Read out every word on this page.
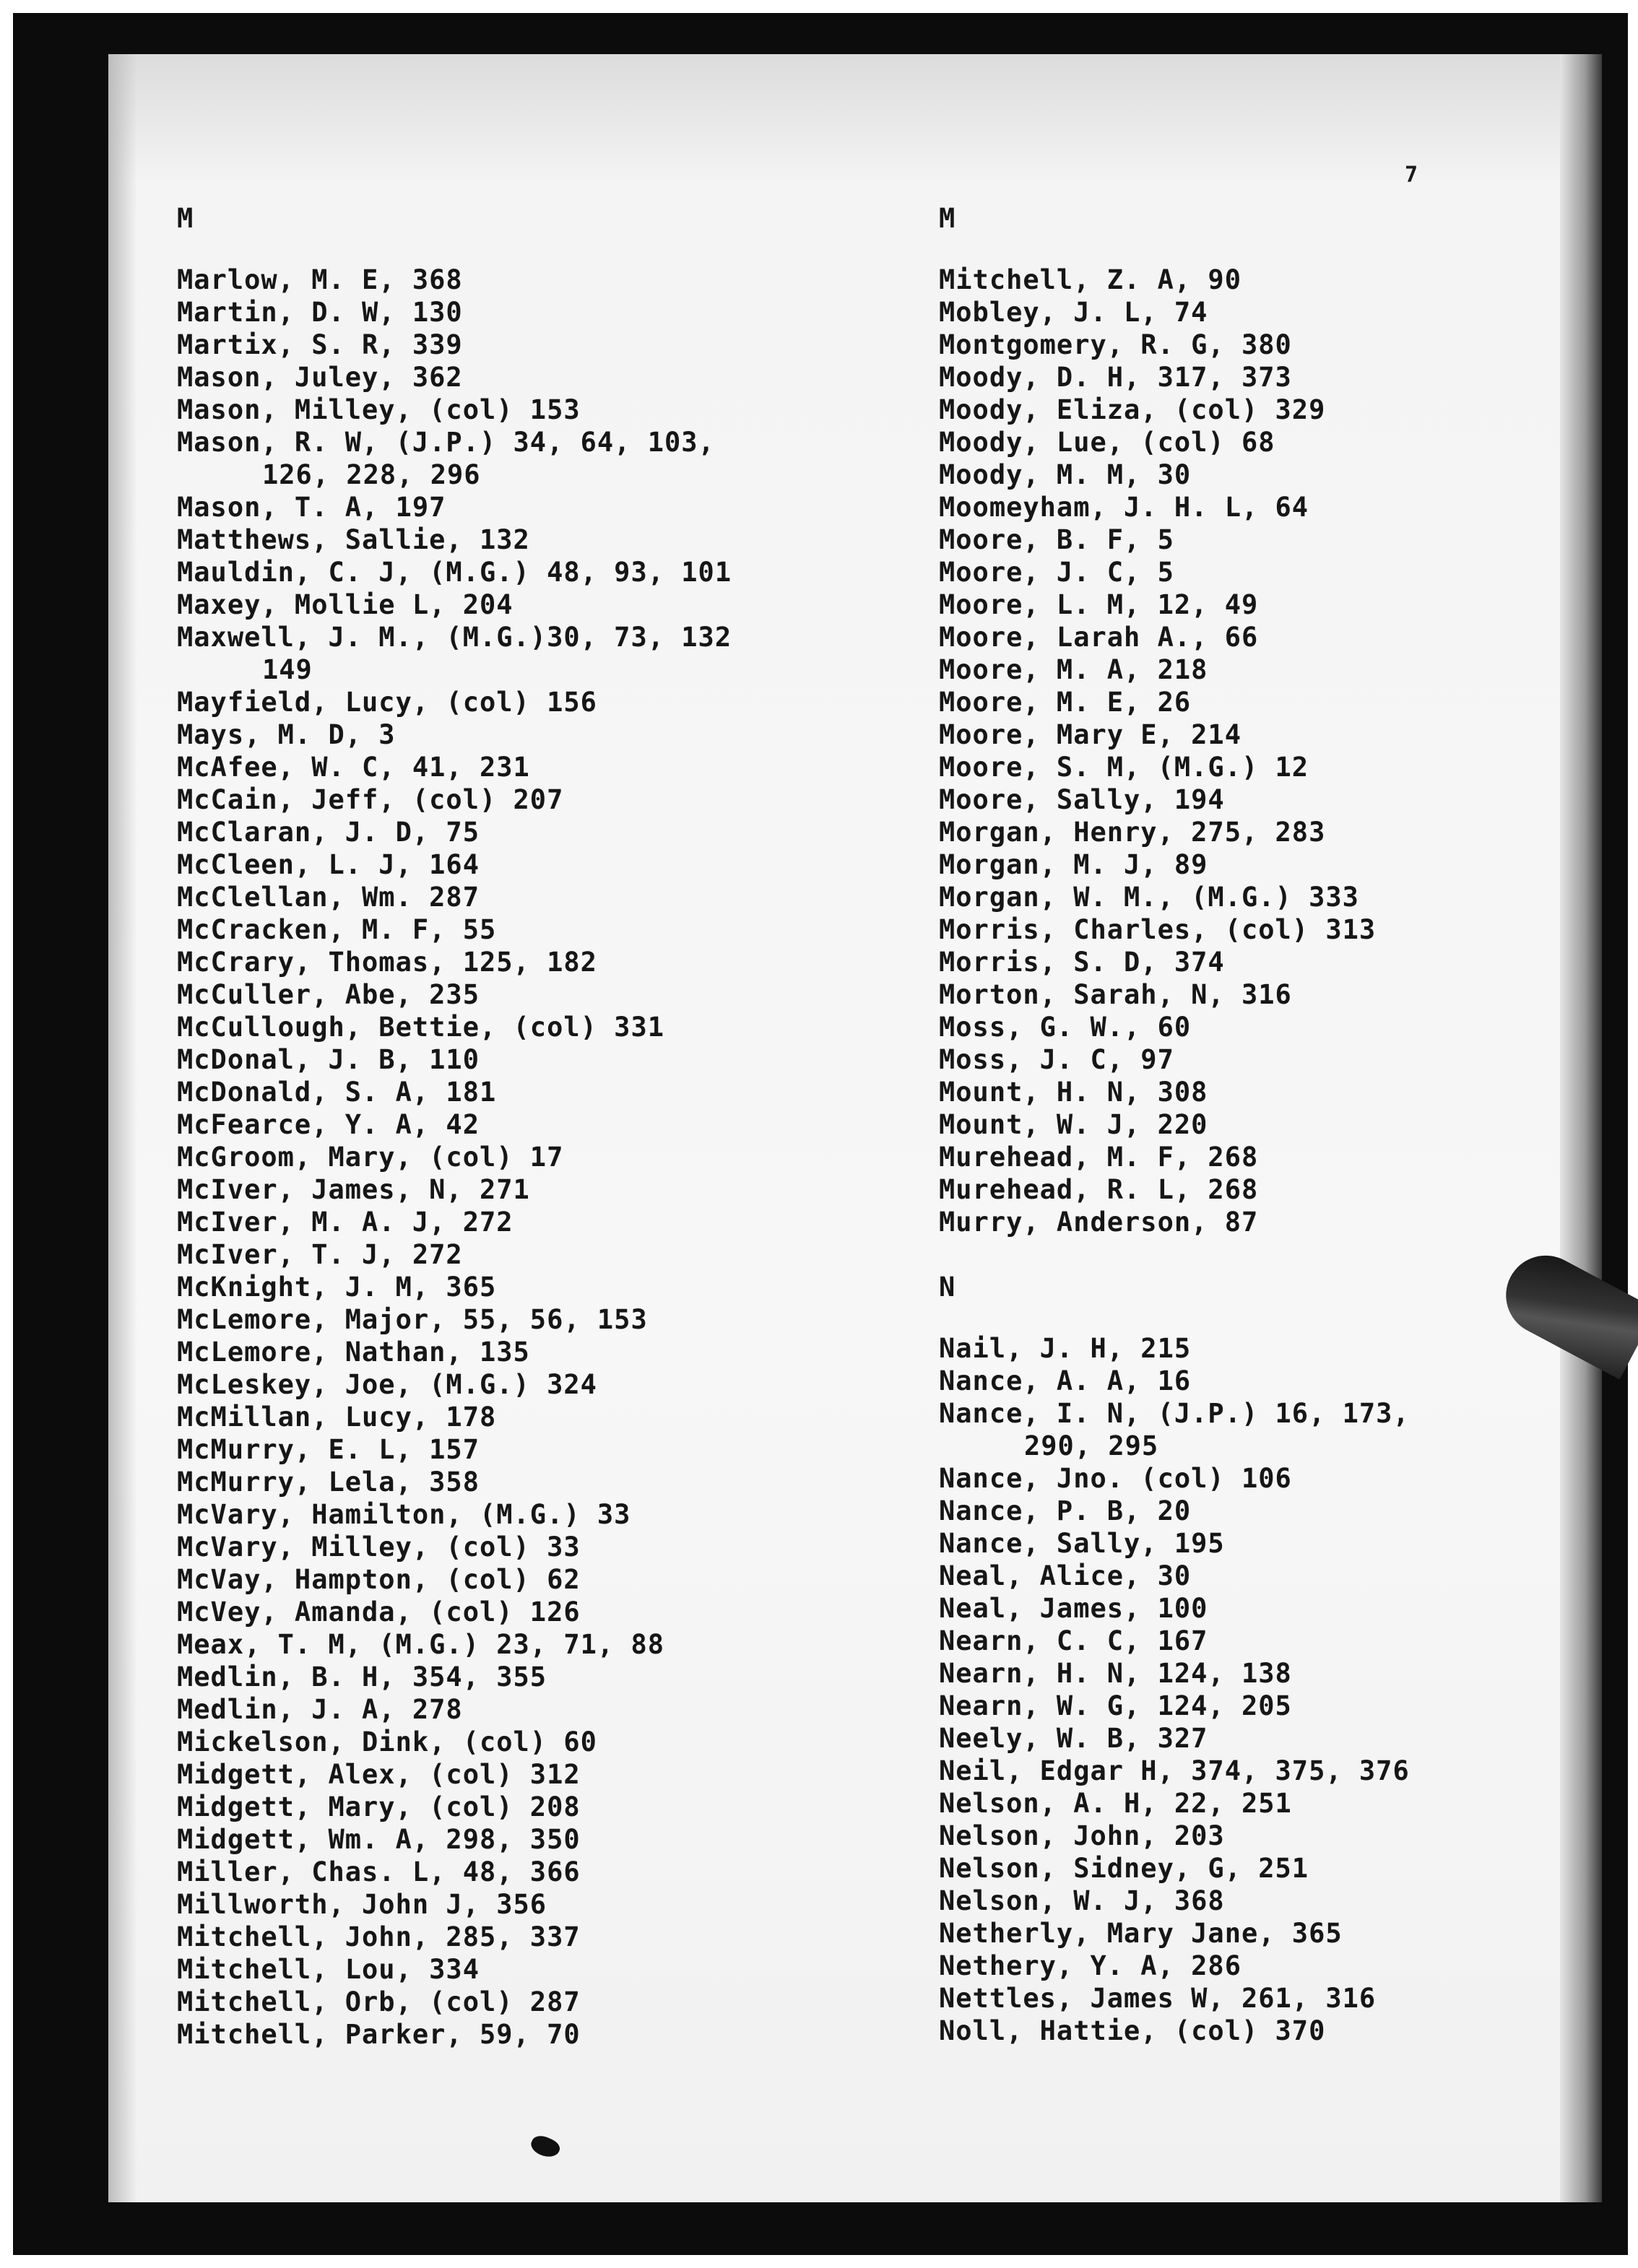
7
M
Marlow, M. E, 368
Martin, D. W, 130
Martix, S. R, 339
Mason, Juley, 362
Mason, Milley, (col) 153
Mason, R. W, (J.P.) 34, 64, 103,
126, 228, 296
Mason, T. A, 197
Matthews, Sallie, 132
Mauldin, C. J, (M.G.) 48, 93, 101
Maxey, Mollie L, 204
Maxwell, J. M., (M.G.)30, 73, 132
149
Mayfield, Lucy, (col) 156
Mays, M. D, 3
McAfee, W. C, 41, 231
McCain, Jeff, (col) 207
McClaran, J. D, 75
McCleen, L. J, 164
McClellan, Wm. 287
McCracken, M. F, 55
McCrary, Thomas, 125, 182
McCuller, Abe, 235
McCullough, Bettie, (col) 331
McDonal, J. B, 110
McDonald, S. A, 181
McFearce, Y. A, 42
McGroom, Mary, (col) 17
McIver, James, N, 271
McIver, M. A. J, 272
McIver, T. J, 272
McKnight, J. M, 365
McLemore, Major, 55, 56, 153
McLemore, Nathan, 135
McLeskey, Joe, (M.G.) 324
McMillan, Lucy, 178
McMurry, E. L, 157
McMurry, Lela, 358
McVary, Hamilton, (M.G.) 33
McVary, Milley, (col) 33
McVay, Hampton, (col) 62
McVey, Amanda, (col) 126
Meax, T. M, (M.G.) 23, 71, 88
Medlin, B. H, 354, 355
Medlin, J. A, 278
Mickelson, Dink, (col) 60
Midgett, Alex, (col) 312
Midgett, Mary, (col) 208
Midgett, Wm. A, 298, 350
Miller, Chas. L, 48, 366
Millworth, John J, 356
Mitchell, John, 285, 337
Mitchell, Lou, 334
Mitchell, Orb, (col) 287
Mitchell, Parker, 59, 70
M
Mitchell, Z. A, 90
Mobley, J. L, 74
Montgomery, R. G, 380
Moody, D. H, 317, 373
Moody, Eliza, (col) 329
Moody, Lue, (col) 68
Moody, M. M, 30
Moomeyham, J. H. L, 64
Moore, B. F, 5
Moore, J. C, 5
Moore, L. M, 12, 49
Moore, Larah A., 66
Moore, M. A, 218
Moore, M. E, 26
Moore, Mary E, 214
Moore, S. M, (M.G.) 12
Moore, Sally, 194
Morgan, Henry, 275, 283
Morgan, M. J, 89
Morgan, W. M., (M.G.) 333
Morris, Charles, (col) 313
Morris, S. D, 374
Morton, Sarah, N, 316
Moss, G. W., 60
Moss, J. C, 97
Mount, H. N, 308
Mount, W. J, 220
Murehead, M. F, 268
Murehead, R. L, 268
Murry, Anderson, 87
N
Nail, J. H, 215
Nance, A. A, 16
Nance, I. N, (J.P.) 16, 173,
290, 295
Nance, Jno. (col) 106
Nance, P. B, 20
Nance, Sally, 195
Neal, Alice, 30
Neal, James, 100
Nearn, C. C, 167
Nearn, H. N, 124, 138
Nearn, W. G, 124, 205
Neely, W. B, 327
Neil, Edgar H, 374, 375, 376
Nelson, A. H, 22, 251
Nelson, John, 203
Nelson, Sidney, G, 251
Nelson, W. J, 368
Netherly, Mary Jane, 365
Nethery, Y. A, 286
Nettles, James W, 261, 316
Noll, Hattie, (col) 370
